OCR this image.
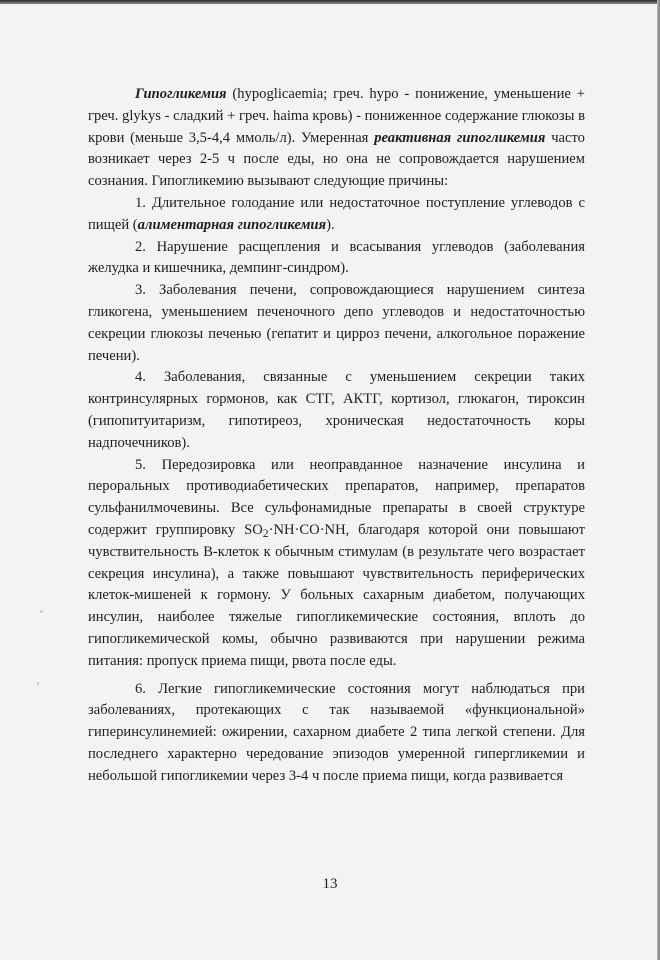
Гипогликемия (hypoglicaemia; греч. hypo - понижение, уменьшение + греч. glykys - сладкий + греч. haima кровь) - пониженное содержание глюкозы в крови (меньше 3,5-4,4 ммоль/л). Умеренная реактивная гипогликемия часто возникает через 2-5 ч после еды, но она не сопровождается нарушением сознания. Гипогликемию вызывают следующие причины:

1. Длительное голодание или недостаточное поступление углеводов с пищей (алиментарная гипогликемия).

2. Нарушение расщепления и всасывания углеводов (заболевания желудка и кишечника, демпинг-синдром).

3. Заболевания печени, сопровождающиеся нарушением синтеза гликогена, уменьшением печеночного депо углеводов и недостаточностью секреции глюкозы печенью (гепатит и цирроз печени, алкогольное поражение печени).

4. Заболевания, связанные с уменьшением секреции таких контринсулярных гормонов, как СТГ, АКТГ, кортизол, глюкагон, тироксин (гипопитуитаризм, гипотиреоз, хроническая недостаточность коры надпочечников).

5. Передозировка или неоправданное назначение инсулина и пероральных противодиабетических препаратов, например, препаратов сульфанилмочевины. Все сульфонамидные препараты в своей структуре содержит группировку $SO_2\cdot NH\cdot CO\cdot NH$, благодаря которой они повышают чувствительность В-клеток к обычным стимулам (в результате чего возрастает секреция инсулина), а также повышают чувствительность периферических клеток-мишеней к гормону. У больных сахарным диабетом, получающих инсулин, наиболее тяжелые гипогликемические состояния, вплоть до гипогликемической комы, обычно развиваются при нарушении режима питания: пропуск приема пищи, рвота после еды.

6. Легкие гипогликемические состояния могут наблюдаться при заболеваниях, протекающих с так называемой «функциональной» гиперинсулинемией: ожирении, сахарном диабете 2 типа легкой степени. Для последнего характерно чередование эпизодов умеренной гипергликемии и небольшой гипогликемии через 3-4 ч после приема пищи, когда развивается

13
